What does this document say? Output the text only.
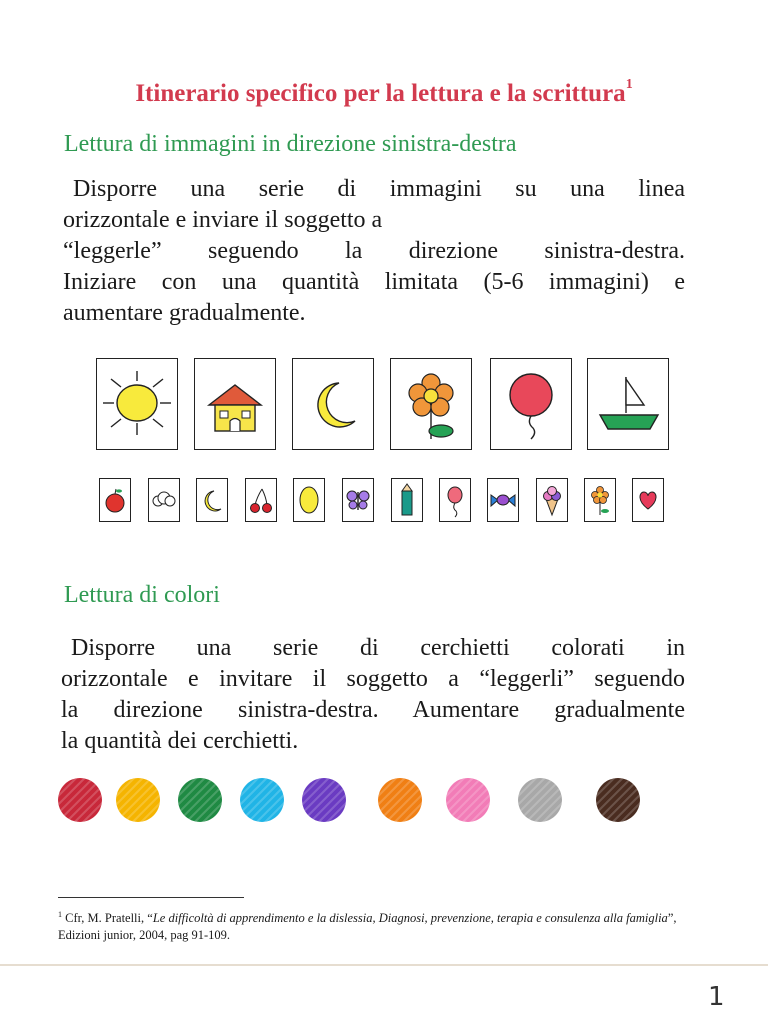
Itinerario specifico per la lettura e la scrittura$^1$
Lettura di immagini in direzione sinistra-destra
Disporre una serie di immagini su una linea
orizzontale e inviare il soggetto a
“leggerle” seguendo la direzione sinistra-destra.
Iniziare con una quantità limitata (5-6 immagini) e
aumentare gradualmente.
Lettura di colori
Disporre una serie di cerchietti colorati in
orizzontale e invitare il soggetto a “leggerli” seguendo
la direzione sinistra-destra. Aumentare gradualmente
la quantità dei cerchietti.
$^1$ Cfr, M. Pratelli, “Le difficoltà di apprendimento e la dislessia, Diagnosi, prevenzione, terapia e consulenza alla famiglia”, Edizioni junior, 2004, pag 91-109.
1
